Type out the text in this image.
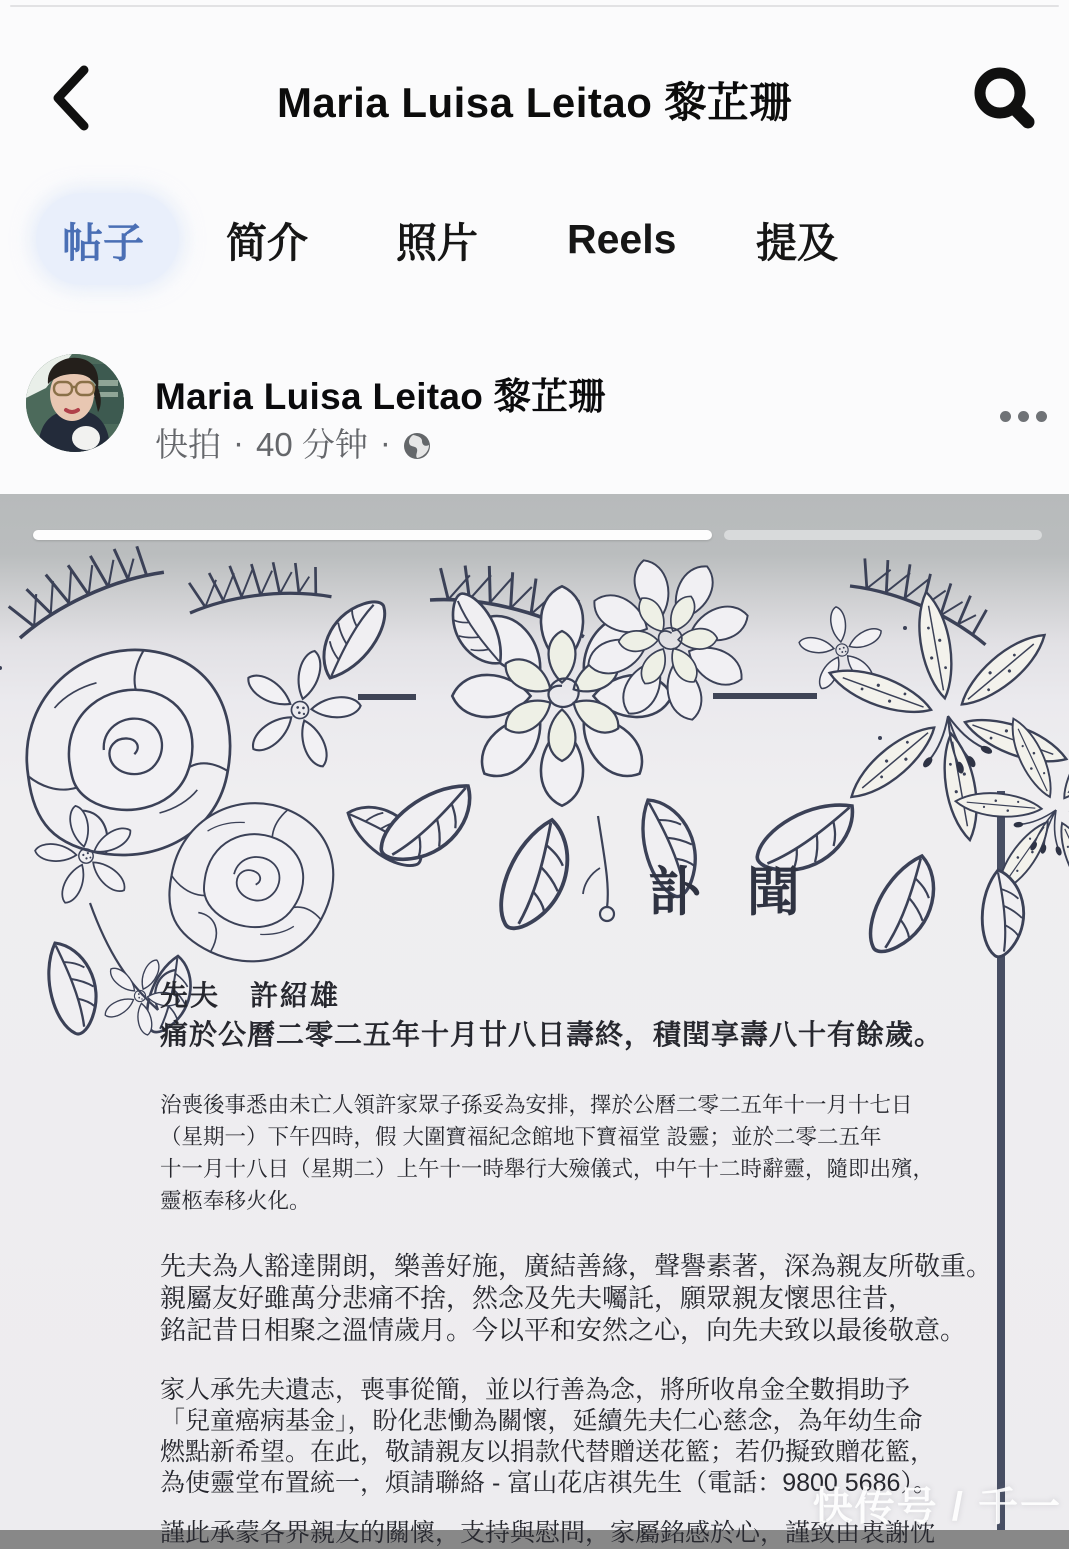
Maria Luisa Leitao 黎芷珊
帖子 简介 照片 Reels 提及
Maria Luisa Leitao 黎芷珊
快拍 · 40 分钟 ·
訃聞
先夫　許紹雄
痛於公曆二零二五年十月廿八日壽終，積閏享壽八十有餘歲。
治喪後事悉由未亡人領許家眾子孫妥為安排，擇於公曆二零二五年十一月十七日
（星期一）下午四時，假 大圍寶福紀念館地下寶福堂 設靈；並於二零二五年
十一月十八日（星期二）上午十一時舉行大殮儀式，中午十二時辭靈，隨即出殯，
靈柩奉移火化。
先夫為人豁達開朗，樂善好施，廣結善緣，聲譽素著，深為親友所敬重。
親屬友好雖萬分悲痛不捨，然念及先夫囑託，願眾親友懷思往昔，
銘記昔日相聚之溫情歲月。今以平和安然之心，向先夫致以最後敬意。
家人承先夫遺志，喪事從簡，並以行善為念，將所收帛金全數捐助予
「兒童癌病基金」，盼化悲慟為關懷，延續先夫仁心慈念，為年幼生命
燃點新希望。在此，敬請親友以捐款代替贈送花籃；若仍擬致贈花籃，
為使靈堂布置統一，煩請聯絡 - 富山花店祺先生（電話：9800 5686）。
謹此承蒙各界親友的關懷，支持與慰問，家屬銘感於心，謹致由衷謝忱
快传号 / 千一
